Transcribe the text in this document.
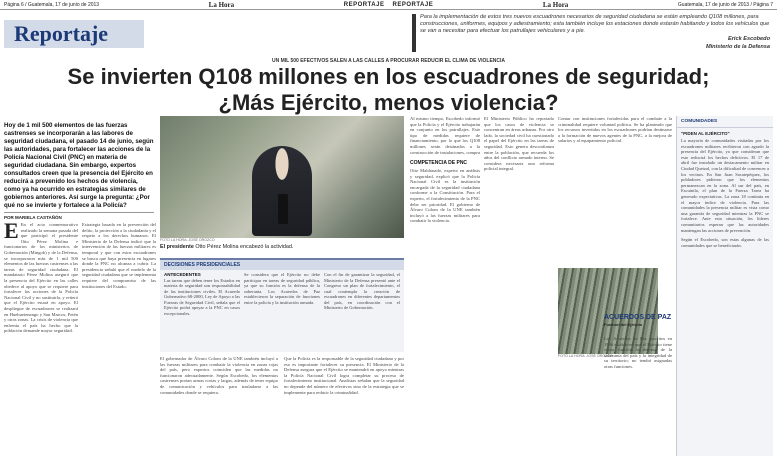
Página 6 / Guatemala, 17 de junio de 2013	La Hora	REPORTAJE REPORTAJE	La Hora	Guatemala, 17 de junio de 2013 / Página 7
Reportaje
Para la implementación de estos tres nuevos escuadrones necesarios de seguridad ciudadana se están empleando Q108 millones, para construcciones, uniformes, equipos y adiestramiento; esta también incluye los estaciones donde estarán habitando y todos los vehículos que se van a necesitar para efectuar los patrullajes vehiculares y a pie.
Erick Escobedo
Ministerio de la Defensa
UN MIL 500 EFECTIVOS SALEN A LAS CALLES A PROCURAR REDUCIR EL CLIMA DE VIOLENCIA
Se invierten Q108 millones en los escuadrones de seguridad;
¿Más Ejército, menos violencia?
Hoy de 1 mil 500 elementos de las fuerzas castrenses se incorporarán a las labores de seguridad ciudadana, el pasado 14 de junio, según las autoridades, para fortalecer las acciones de la Policía Nacional Civil (PNC) en materia de seguridad ciudadana. Sin embargo, expertos consultados creen que la presencia del Ejército en reducirá a prevenido los hechos de violencia, como ya ha ocurrido en estrategias similares de gobiernos anteriores. Así surge la pregunta: ¿Por qué no se invierte y fortalece a la Policía?
POR MARIELA CASTAÑÓN
E En el acto conmemorativo realizado la semana pasada del que participó el presidente Otto Pérez Molina e funcionarios de los ministerios de Gobernación (Mingob) y de la Defensa, se incorporaron más de 1 mil 500 elementos de las fuerzas castrenses a las tareas de seguridad ciudadana. El mandatario Pérez Molina aseguró que la presencia del Ejército en las calles obedece al apoyo que se requiere para fortalecer las acciones de la Policía Nacional Civil y no sustituirla, y reiteró que el Ejército estará en apoyo. El despliegue de escuadrones se realizará en Huehuetenango y San Marcos, Petén y otras zonas. La crisis de violencia que enfrenta el país ha hecho que la población demande mayor seguridad.
Estrategia basada en la prevención del delito, la protección a la ciudadanía y el respeto a los derechos humanos. El Ministerio de la Defensa indicó que la intervención de las fuerzas militares es temporal y que con estos escuadrones se busca que haya presencia en lugares donde la PNC no alcanza a cubrir. La presidencia señaló que el modelo de la seguridad ciudadana que se implementa requiere del compromiso de las instituciones del Estado.
FOTO LA HORA: JOSÉ OROZCO
El presidente Otto Pérez Molina encabezó la actividad.
DECISIONES PRESIDENCIALES
ANTECEDENTES
Las tareas que deben tener los Estados en materia de seguridad son responsabilidad de las instituciones civiles. El Acuerdo Gubernativo 68-2000, Ley de Apoyo a las Fuerzas de Seguridad Civil, señala que el Ejército podrá apoyar a la PNC en casos excepcionales.
Se considera que el Ejército no debe participar en tareas de seguridad pública, ya que su función es la defensa de la soberanía. Los Acuerdos de Paz establecieron la separación de funciones entre la policía y la institución armada.
Con el fin de garantizar la seguridad, el Ministerio de la Defensa presentó ante el Congreso un plan de fortalecimiento, el cual contempla la creación de escuadrones en diferentes departamentos del país, en coordinación con el Ministerio de Gobernación.
El gobernador de Álvaro Colom de la UNE también incluyó a las fuerzas militares para combatir la violencia en zonas rojas del país, pero expertos coinciden que las medidas no funcionaron adecuadamente. Según Escobedo, los elementos castrenses portan armas cortas y largas, además de tener equipo de comunicación y vehículos para trasladarse a las comunidades donde se requiera.
Que la Policía es la responsable de la seguridad ciudadana y por eso es importante fortalecer su presencia. El Ministerio de la Defensa asegura que el Ejército se mantendrá en apoyo mientras la Policía Nacional Civil logra completar su proceso de fortalecimiento institucional. Analistas señalan que la seguridad no depende del número de efectivos sino de la estrategia que se implemente para reducir la criminalidad.
Al mismo tiempo, Escobedo informó que la Policía y el Ejército trabajarán en conjunto en los patrullajes. Este tipo de medidas requiere de financiamiento, por lo que los Q108 millones serán destinados a la construcción de instalaciones, compra
COMPETENCIA DE PNC
Otto Maldonado, experto en análisis y seguridad, explicó que la Policía Nacional Civil es la institución encargada de la seguridad ciudadana conforme a la Constitución. Para el experto, el fortalecimiento de la PNC debe ser prioridad. El gobierno de Álvaro Colom de la UNE también incluyó a las fuerzas militares para combatir la violencia.
El Ministerio Público ha reportado que los casos de violencia se concentran en áreas urbanas. Por otro lado, la sociedad civil ha cuestionado el papel del Ejército en las tareas de seguridad. Esto genera desconfianza entre la población, que recuerda los años del conflicto armado interno. Se considera necesaria una reforma policial integral.
Contar con instituciones fortalecidas para el combate a la criminalidad requiere voluntad política. Se ha planteado que los recursos invertidos en los escuadrones podrían destinarse a la formación de nuevos agentes de la PNC, a la mejora de salarios y al equipamiento policial.
FOTO LA HORA: JOSÉ OROZCO
ACUERDOS DE PAZ
Función del Ejército
Los Acuerdos de Paz suscritos en 1996 establecen que el Ejército tiene como función la defensa de la soberanía del país y la integridad de su territorio; no tendrá asignadas otras funciones.
COMUNIDADES
"PIDEN AL EJÉRCITO"
La mayoría de comunidades visitadas por los escuadrones militares recibieron con agrado la presencia del Ejército, ya que consideran que esto reducirá los hechos delictivos. El 17 de abril fue instalado un destacamento militar en Ciudad Quetzal, con la dificultad de convencer a los vecinos. En San Juan Sacatepéquez, los pobladores pidieron que los elementos permanezcan en la zona. Al sur del país, en Escuintla, el plan de la Fuerza Tarea ha generado expectativas. La zona 18 continúa en el mayor índice de violencia. Para las comunidades la presencia militar es vista como una garantía de seguridad mientras la PNC se fortalece. Ante esta situación, los líderes comunitarios esperan que las autoridades mantengan las acciones de prevención.
Según el Escobedo, son estas algunas de las comunidades que se beneficiarán.
